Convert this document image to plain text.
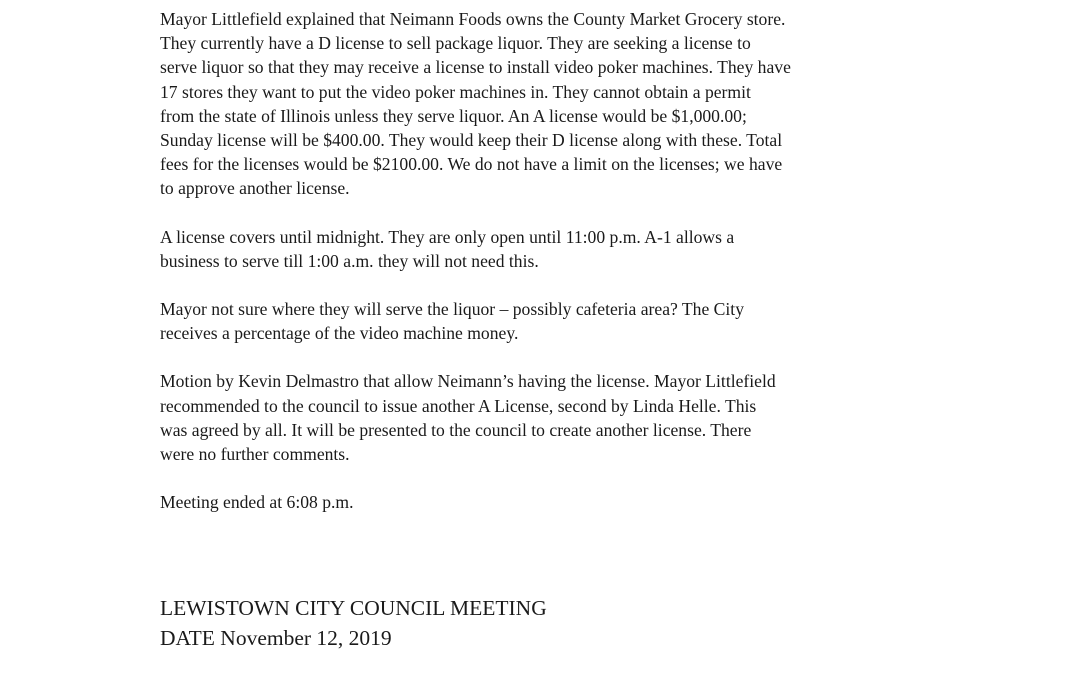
Mayor Littlefield explained that Neimann Foods owns the County Market Grocery store.
They currently have a D license to sell package liquor. They are seeking a license to
serve liquor so that they may receive a license to install video poker machines. They have
17 stores they want to put the video poker machines in. They cannot obtain a permit
from the state of Illinois unless they serve liquor. An A license would be $1,000.00;
Sunday license will be $400.00. They would keep their D license along with these. Total
fees for the licenses would be $2100.00. We do not have a limit on the licenses; we have
to approve another license.

A license covers until midnight. They are only open until 11:00 p.m. A-1 allows a
business to serve till 1:00 a.m. they will not need this.

Mayor not sure where they will serve the liquor – possibly cafeteria area? The City
receives a percentage of the video machine money.

Motion by Kevin Delmastro that allow Neimann’s having the license. Mayor Littlefield
recommended to the council to issue another A License, second by Linda Helle. This
was agreed by all. It will be presented to the council to create another license. There
were no further comments.

Meeting ended at 6:08 p.m.

LEWISTOWN CITY COUNCIL MEETING
DATE November 12, 2019
